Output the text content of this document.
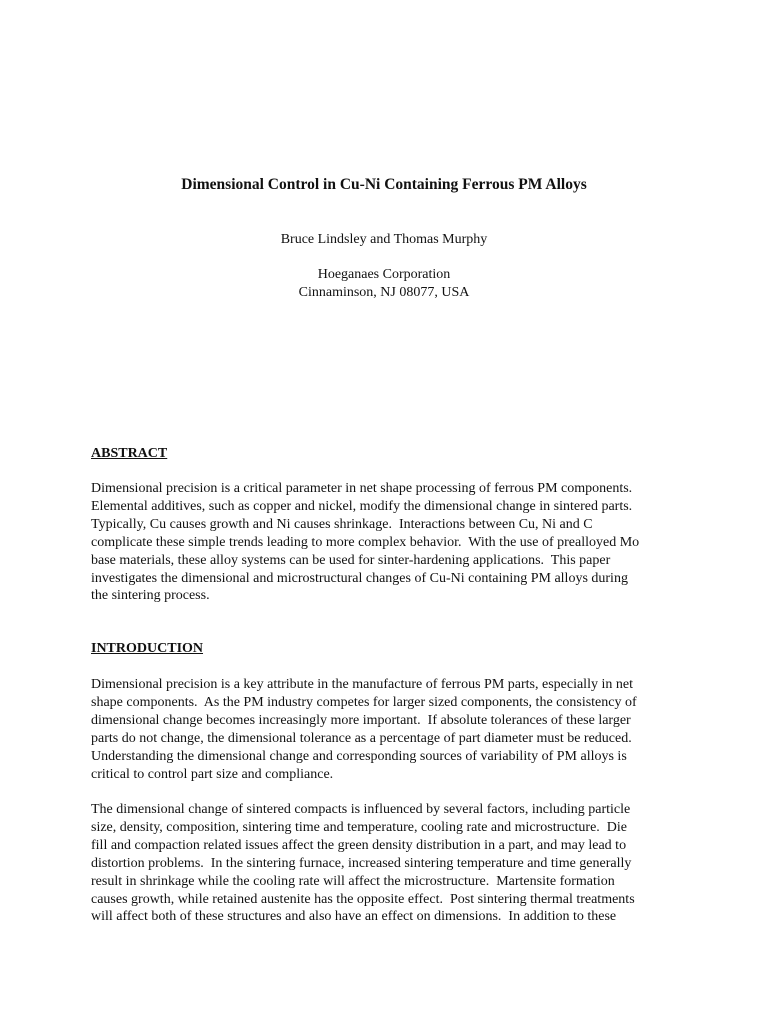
Dimensional Control in Cu-Ni Containing Ferrous PM Alloys

Bruce Lindsley and Thomas Murphy

Hoeganaes Corporation
Cinnaminson, NJ 08077, USA
ABSTRACT

Dimensional precision is a critical parameter in net shape processing of ferrous PM components.
Elemental additives, such as copper and nickel, modify the dimensional change in sintered parts.
Typically, Cu causes growth and Ni causes shrinkage.  Interactions between Cu, Ni and C
complicate these simple trends leading to more complex behavior.  With the use of prealloyed Mo
base materials, these alloy systems can be used for sinter-hardening applications.  This paper
investigates the dimensional and microstructural changes of Cu-Ni containing PM alloys during
the sintering process.

INTRODUCTION

Dimensional precision is a key attribute in the manufacture of ferrous PM parts, especially in net
shape components.  As the PM industry competes for larger sized components, the consistency of
dimensional change becomes increasingly more important.  If absolute tolerances of these larger
parts do not change, the dimensional tolerance as a percentage of part diameter must be reduced.
Understanding the dimensional change and corresponding sources of variability of PM alloys is
critical to control part size and compliance.

The dimensional change of sintered compacts is influenced by several factors, including particle
size, density, composition, sintering time and temperature, cooling rate and microstructure.  Die
fill and compaction related issues affect the green density distribution in a part, and may lead to
distortion problems.  In the sintering furnace, increased sintering temperature and time generally
result in shrinkage while the cooling rate will affect the microstructure.  Martensite formation
causes growth, while retained austenite has the opposite effect.  Post sintering thermal treatments
will affect both of these structures and also have an effect on dimensions.  In addition to these
